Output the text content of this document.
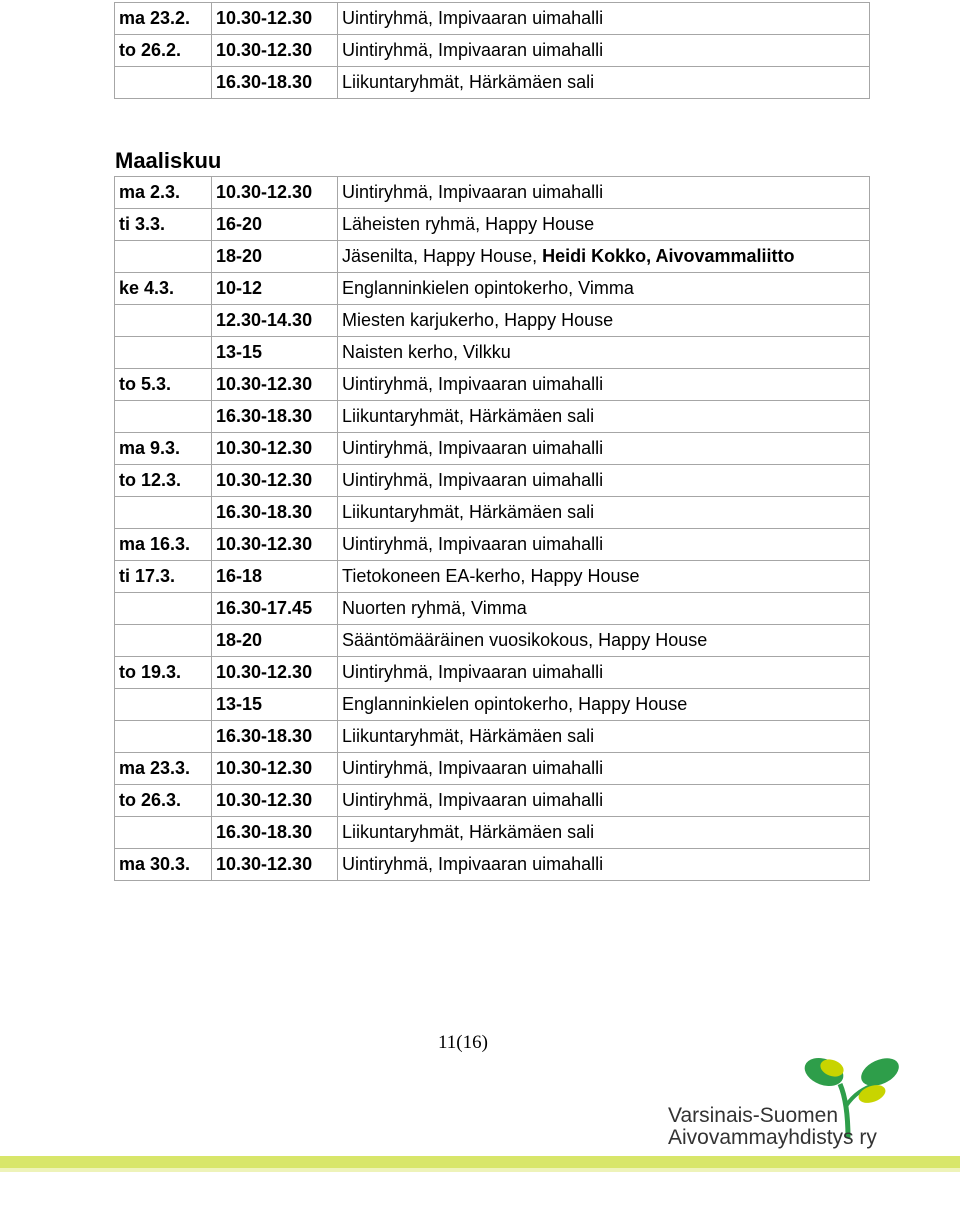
ma 23.2.	10.30-12.30	Uintiryhmä, Impivaaran uimahalli
to 26.2.	10.30-12.30	Uintiryhmä, Impivaaran uimahalli
	16.30-18.30	Liikuntaryhmät, Härkämäen sali
Maaliskuu
ma 2.3.	10.30-12.30	Uintiryhmä, Impivaaran uimahalli
ti 3.3.	16-20	Läheisten ryhmä, Happy House
	18-20	Jäsenilta, Happy House, Heidi Kokko, Aivovammaliitto
ke 4.3.	10-12	Englanninkielen opintokerho, Vimma
	12.30-14.30	Miesten karjukerho, Happy House
	13-15	Naisten kerho, Vilkku
to 5.3.	10.30-12.30	Uintiryhmä, Impivaaran uimahalli
	16.30-18.30	Liikuntaryhmät, Härkämäen sali
ma 9.3.	10.30-12.30	Uintiryhmä, Impivaaran uimahalli
to 12.3.	10.30-12.30	Uintiryhmä, Impivaaran uimahalli
	16.30-18.30	Liikuntaryhmät, Härkämäen sali
ma 16.3.	10.30-12.30	Uintiryhmä, Impivaaran uimahalli
ti 17.3.	16-18	Tietokoneen EA-kerho, Happy House
	16.30-17.45	Nuorten ryhmä, Vimma
	18-20	Sääntömääräinen vuosikokous, Happy House
to 19.3.	10.30-12.30	Uintiryhmä, Impivaaran uimahalli
	13-15	Englanninkielen opintokerho, Happy House
	16.30-18.30	Liikuntaryhmät, Härkämäen sali
ma 23.3.	10.30-12.30	Uintiryhmä, Impivaaran uimahalli
to 26.3.	10.30-12.30	Uintiryhmä, Impivaaran uimahalli
	16.30-18.30	Liikuntaryhmät, Härkämäen sali
ma 30.3.	10.30-12.30	Uintiryhmä, Impivaaran uimahalli
11(16)
Varsinais-Suomen
Aivovammayhdistys ry
